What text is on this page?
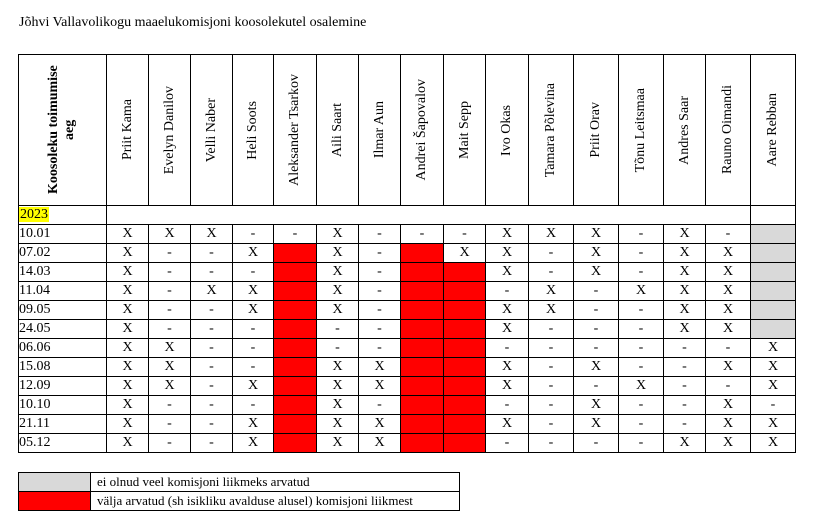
Jõhvi Vallavolikogu maaelukomisjoni koosolekutel osalemine
Koosoleku toimumise aeg	Priit Kama	Evelyn Danilov	Velli Naber	Heli Soots	Aleksander Tsarkov	Aili Saart	Ilmar Aun	Andrei Šapovalov	Mait Sepp	Ivo Okas	Tamara Põlevina	Priit Orav	Tõnu Leitsmaa	Andres Saar	Rauno Oimandi	Aare Rebban

2023																
10.01	X	X	X	-	-	X	-	-	-	X	X	X	-	X	-	
07.02	X	-	-	X		X	-		X	X	-	X	-	X	X	
14.03	X	-	-	-		X	-			X	-	X	-	X	X	
11.04	X	-	X	X		X	-			-	X	-	X	X	X	
09.05	X	-	-	X		X	-			X	X	-	-	X	X	
24.05	X	-	-	-		-	-			X	-	-	-	X	X	
06.06	X	X	-	-		-	-			-	-	-	-	-	-	X
15.08	X	X	-	-		X	X			X	-	X	-	-	X	X
12.09	X	X	-	X		X	X			X	-	-	X	-	-	X
10.10	X	-	-	-		X	-			-	-	X	-	-	X	-
21.11	X	-	-	X		X	X			X	-	X	-	-	X	X
05.12	X	-	-	X		X	X			-	-	-	-	X	X	X
	ei olnud veel komisjoni liikmeks arvatud
	välja arvatud (sh isikliku avalduse alusel) komisjoni liikmest
